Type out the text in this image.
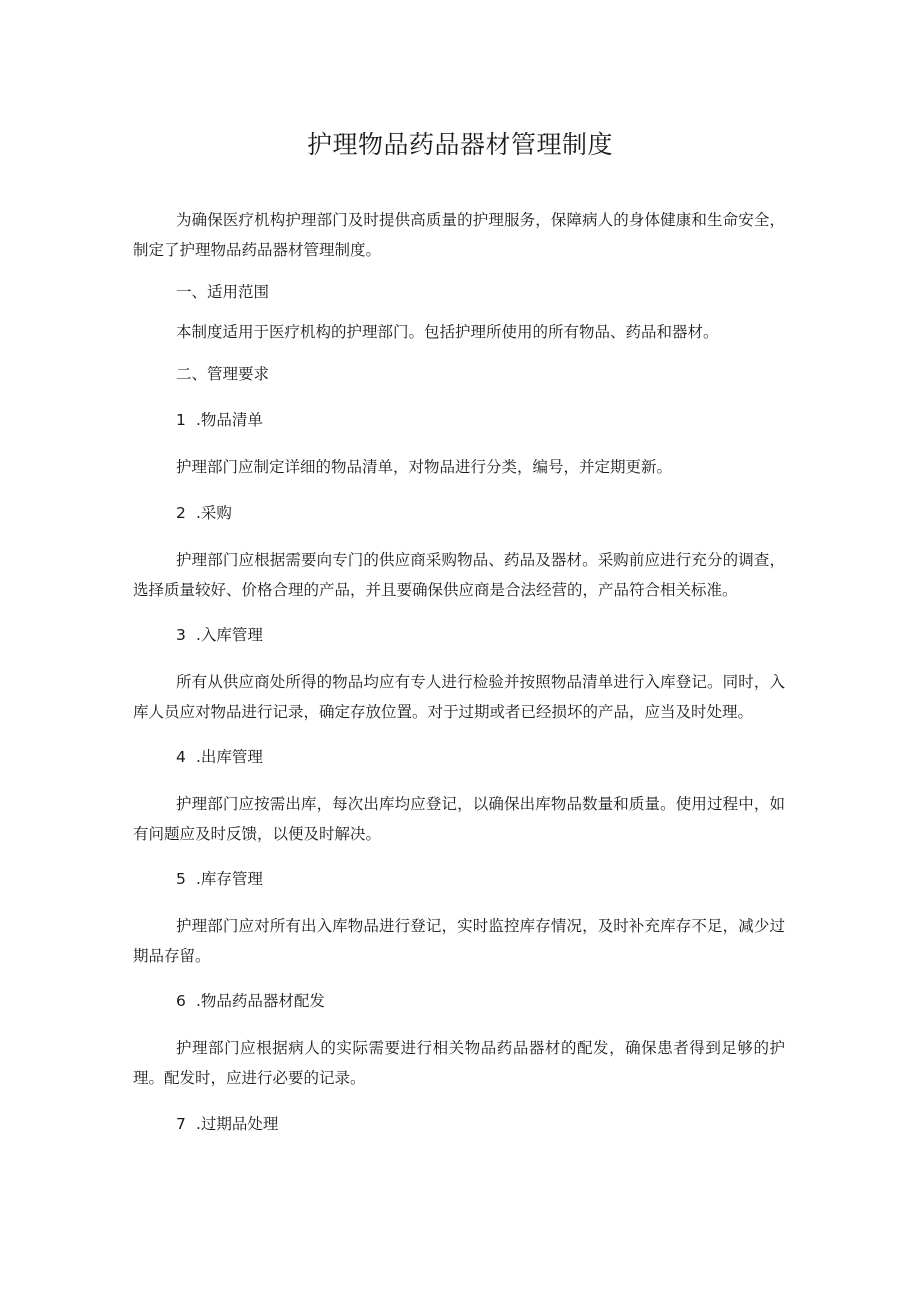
护理物品药品器材管理制度

为确保医疗机构护理部门及时提供高质量的护理服务，保障病人的身体健康和生命安全，制定了护理物品药品器材管理制度。

一、适用范围

本制度适用于医疗机构的护理部门。包括护理所使用的所有物品、药品和器材。

二、管理要求

1 .物品清单

护理部门应制定详细的物品清单，对物品进行分类，编号，并定期更新。

2 .采购

护理部门应根据需要向专门的供应商采购物品、药品及器材。采购前应进行充分的调查，选择质量较好、价格合理的产品，并且要确保供应商是合法经营的，产品符合相关标准。

3 .入库管理

所有从供应商处所得的物品均应有专人进行检验并按照物品清单进行入库登记。同时，入库人员应对物品进行记录，确定存放位置。对于过期或者已经损坏的产品，应当及时处理。

4 .出库管理

护理部门应按需出库，每次出库均应登记，以确保出库物品数量和质量。使用过程中，如有问题应及时反馈，以便及时解决。

5 .库存管理

护理部门应对所有出入库物品进行登记，实时监控库存情况，及时补充库存不足，减少过期品存留。

6 .物品药品器材配发

护理部门应根据病人的实际需要进行相关物品药品器材的配发，确保患者得到足够的护理。配发时，应进行必要的记录。

7 .过期品处理
